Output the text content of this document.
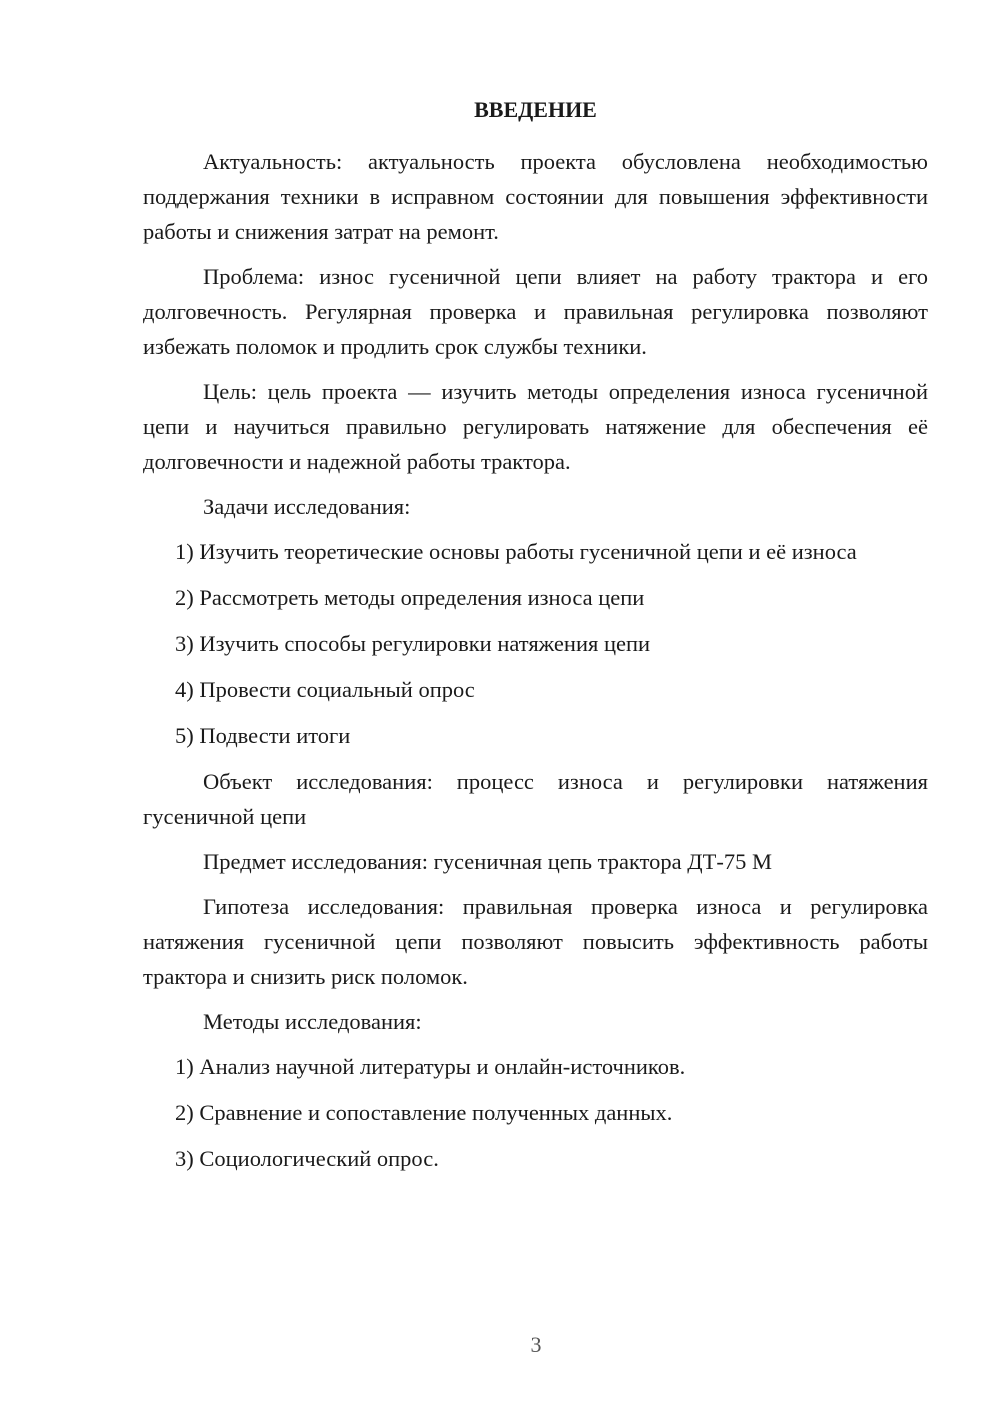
ВВЕДЕНИЕ

Актуальность: актуальность проекта обусловлена необходимостью поддержания техники в исправном состоянии для повышения эффективности работы и снижения затрат на ремонт.

Проблема: износ гусеничной цепи влияет на работу трактора и его долговечность. Регулярная проверка и правильная регулировка позволяют избежать поломок и продлить срок службы техники.

Цель: цель проекта — изучить методы определения износа гусеничной цепи и научиться правильно регулировать натяжение для обеспечения её долговечности и надежной работы трактора.

Задачи исследования:

1) Изучить теоретические основы работы гусеничной цепи и её износа
2) Рассмотреть методы определения износа цепи
3) Изучить способы регулировки натяжения цепи
4) Провести социальный опрос
5) Подвести итоги

Объект исследования: процесс износа и регулировки натяжения гусеничной цепи

Предмет исследования: гусеничная цепь трактора ДТ-75 М

Гипотеза исследования: правильная проверка износа и регулировка натяжения гусеничной цепи позволяют повысить эффективность работы трактора и снизить риск поломок.

Методы исследования:

1) Анализ научной литературы и онлайн-источников.
2) Сравнение и сопоставление полученных данных.
3) Социологический опрос.
3
